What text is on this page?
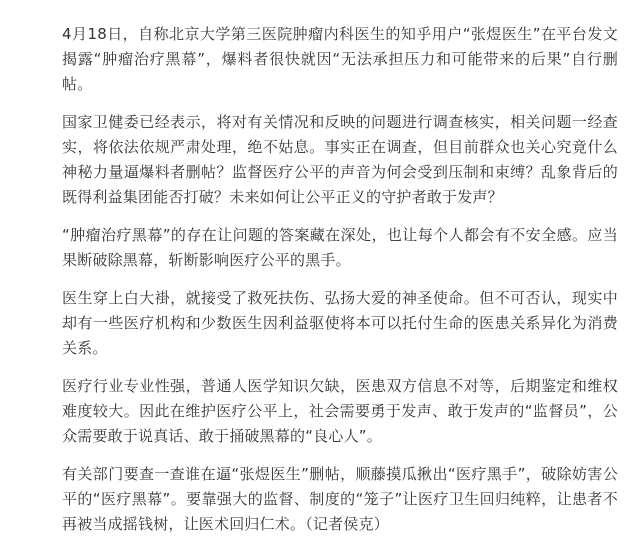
4月18日，自称北京大学第三医院肿瘤内科医生的知乎用户“张煜医生”在平台发文揭露“肿瘤治疗黑幕”，爆料者很快就因“无法承担压力和可能带来的后果”自行删帖。

国家卫健委已经表示，将对有关情况和反映的问题进行调查核实，相关问题一经查实，将依法依规严肃处理，绝不姑息。事实正在调查，但目前群众也关心究竟什么神秘力量逼爆料者删帖？监督医疗公平的声音为何会受到压制和束缚？乱象背后的既得利益集团能否打破？未来如何让公平正义的守护者敢于发声？

“肿瘤治疗黑幕”的存在让问题的答案藏在深处，也让每个人都会有不安全感。应当果断破除黑幕，斩断影响医疗公平的黑手。

医生穿上白大褂，就接受了救死扶伤、弘扬大爱的神圣使命。但不可否认，现实中却有一些医疗机构和少数医生因利益驱使将本可以托付生命的医患关系异化为消费关系。

医疗行业专业性强，普通人医学知识欠缺，医患双方信息不对等，后期鉴定和维权难度较大。因此在维护医疗公平上，社会需要勇于发声、敢于发声的“监督员”，公众需要敢于说真话、敢于捅破黑幕的“良心人”。

有关部门要查一查谁在逼“张煜医生”删帖，顺藤摸瓜揪出“医疗黑手”，破除妨害公平的“医疗黑幕”。要靠强大的监督、制度的“笼子”让医疗卫生回归纯粹，让患者不再被当成摇钱树，让医术回归仁术。（记者侯克）
